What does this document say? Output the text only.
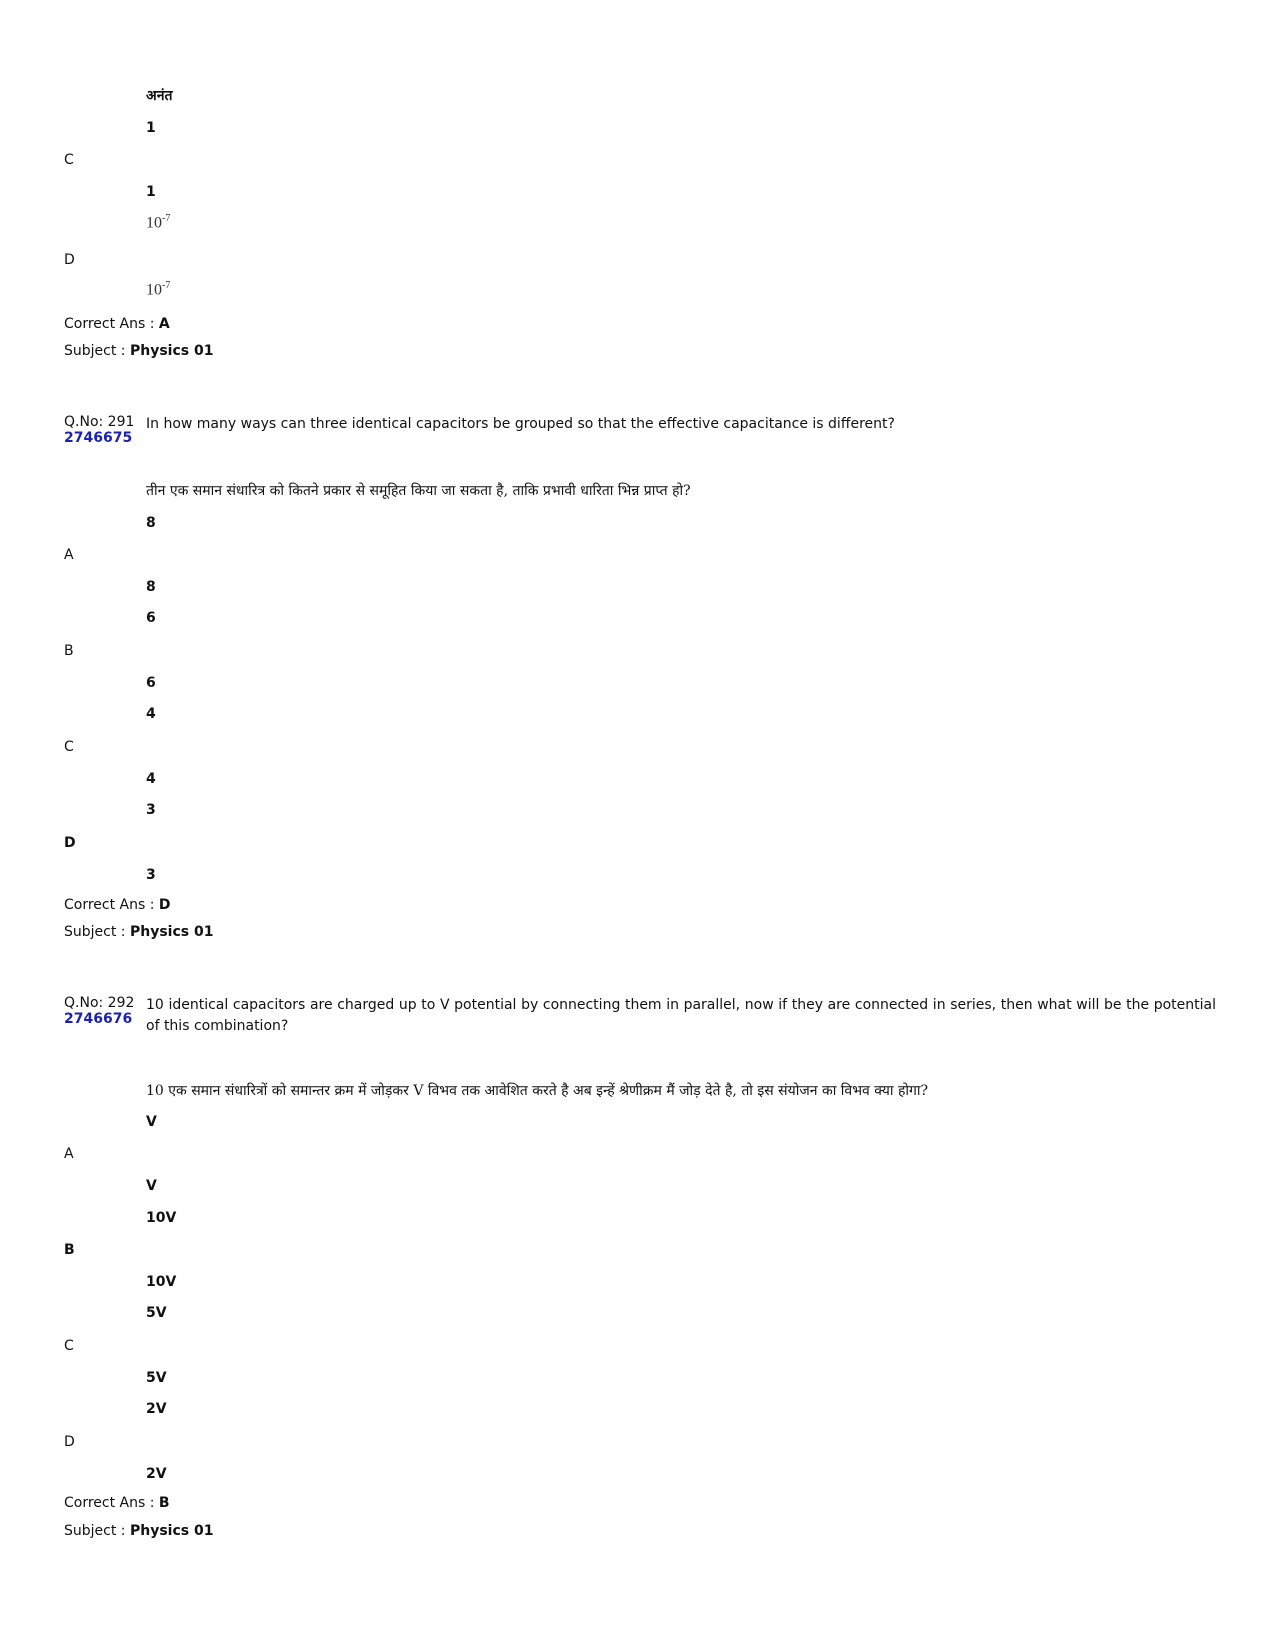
अनंत
1
C
1
$10^{-7}$
D
$10^{-7}$
Correct Ans : A
Subject : Physics 01
Q.No: 291
2746675
In how many ways can three identical capacitors be grouped so that the effective capacitance is different?
तीन एक समान संधारित्र को कितने प्रकार से समूहित किया जा सकता है, ताकि प्रभावी धारिता भिन्न प्राप्त हो?
8
A
8
6
B
6
4
C
4
3
D
3
Correct Ans : D
Subject : Physics 01
Q.No: 292
2746676
10 identical capacitors are charged up to V potential by connecting them in parallel, now if they are connected in series, then what will be the potential of this combination?
10 एक समान संधारित्रों को समान्तर क्रम में जोड़कर V विभव तक आवेशित करते है अब इन्हें श्रेणीक्रम मैं जोड़ देते है, तो इस संयोजन का विभव क्या होगा?
V
A
V
10V
B
10V
5V
C
5V
2V
D
2V
Correct Ans : B
Subject : Physics 01
